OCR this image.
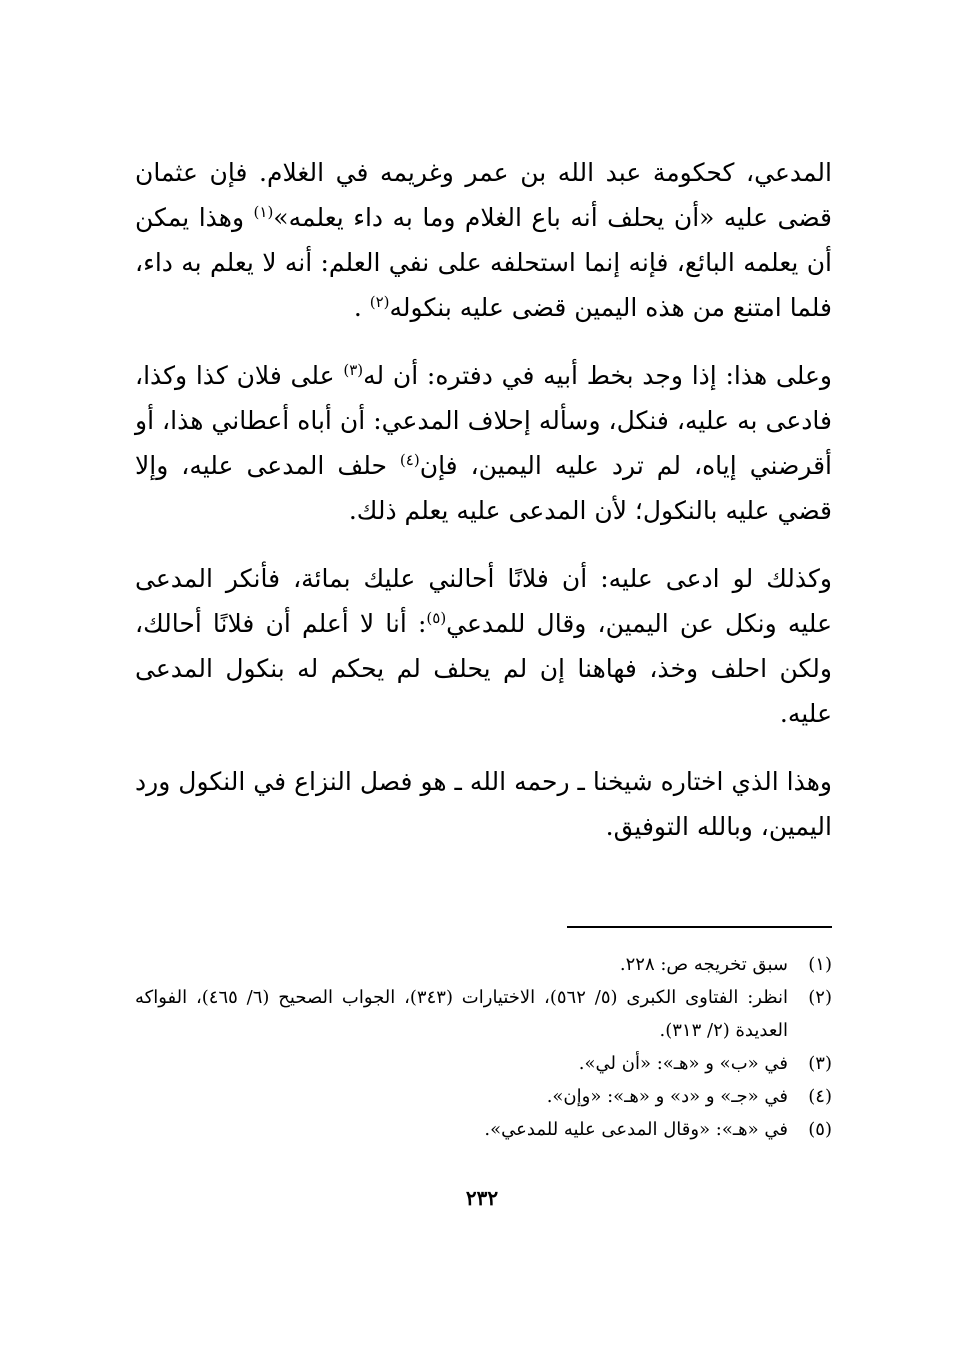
المدعي، كحكومة عبد الله بن عمر وغريمه في الغلام. فإن عثمان قضى عليه «أن يحلف أنه باع الغلام وما به داء يعلمه»$^{(١)}$ وهذا يمكن أن يعلمه البائع، فإنه إنما استحلفه على نفي العلم: أنه لا يعلم به داء، فلما امتنع من هذه اليمين قضى عليه بنكوله$^{(٢)}$ .

وعلى هذا: إذا وجد بخط أبيه في دفتره: أن له$^{(٣)}$ على فلان كذا وكذا، فادعى به عليه، فنكل، وسأله إحلاف المدعي: أن أباه أعطاني هذا، أو أقرضني إياه، لم ترد عليه اليمين، فإن$^{(٤)}$ حلف المدعى عليه، وإلا قضي عليه بالنكول؛ لأن المدعى عليه يعلم ذلك.

وكذلك لو ادعى عليه: أن فلانًا أحالني عليك بمائة، فأنكر المدعى عليه ونكل عن اليمين، وقال للمدعي$^{(٥)}$: أنا لا أعلم أن فلانًا أحالك، ولكن احلف وخذ، فهاهنا إن لم يحلف لم يحكم له بنكول المدعى عليه.

وهذا الذي اختاره شيخنا ـ رحمه الله ـ هو فصل النزاع في النكول ورد اليمين، وبالله التوفيق.

(١)
سبق تخريجه ص: ٢٢٨.
(٢)
انظر: الفتاوى الكبرى (٥/ ٥٦٢)، الاختيارات (٣٤٣)، الجواب الصحيح (٦/ ٤٦٥)، الفواكه العديدة (٢/ ٣١٣).
(٣)
في «ب» و «هـ»: «أن لي».
(٤)
في «جـ» و «د» و «هـ»: «وإن».
(٥)
في «هـ»: «وقال المدعى عليه للمدعي».
٢٣٢
